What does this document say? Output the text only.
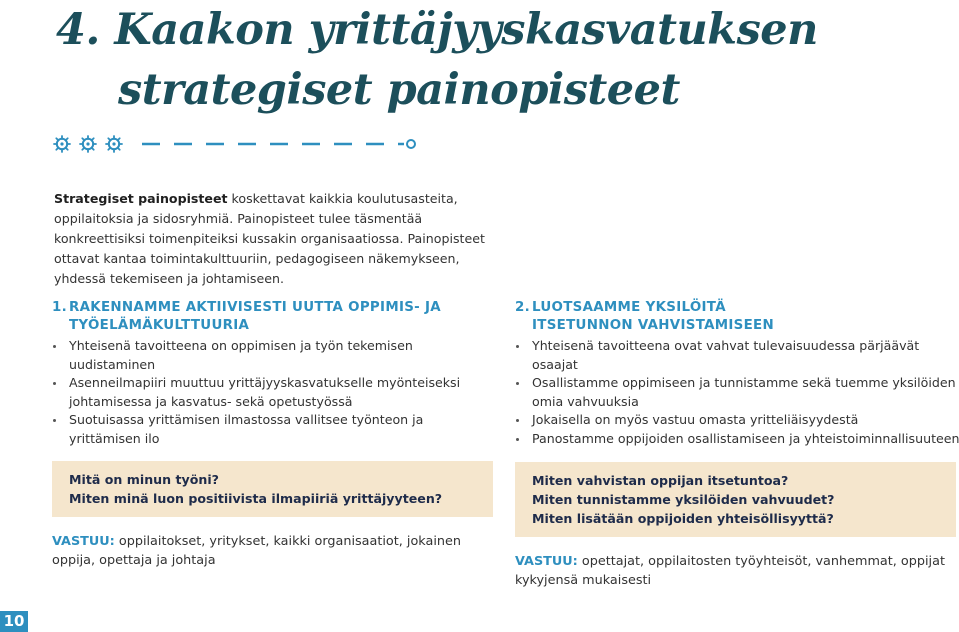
4. Kaakon yrittäjyyskasvatuksen
strategiset painopisteet
Strategiset painopisteet koskettavat kaikkia koulutusasteita, oppilaitoksia ja sidosryhmiä. Painopisteet tulee täsmentää konkreettisiksi toimenpiteiksi kussakin organisaatiossa. Painopisteet ottavat kantaa toimintakulttuuriin, pedagogiseen näkemykseen, yhdessä tekemiseen ja johtamiseen.
1. RAKENNAMME AKTIIVISESTI UUTTA OPPIMIS- JA
TYÖELÄMÄKULTTUURIA
Yhteisenä tavoitteena on oppimisen ja työn tekemisen uudistaminen
Asenneilmapiiri muuttuu yrittäjyyskasvatukselle myönteiseksi johtamisessa ja kasvatus- sekä opetustyössä
Suotuisassa yrittämisen ilmastossa vallitsee työnteon ja yrittämisen ilo
Mitä on minun työni?
Miten minä luon positiivista ilmapiiriä yrittäjyyteen?
VASTUU: oppilaitokset, yritykset, kaikki organisaatiot, jokainen oppija, opettaja ja johtaja
2. LUOTSAAMME YKSILÖITÄ
ITSETUNNON VAHVISTAMISEEN
Yhteisenä tavoitteena ovat vahvat tulevaisuudessa pärjäävät osaajat
Osallistamme oppimiseen ja tunnistamme sekä tuemme yksilöiden omia vahvuuksia
Jokaisella on myös vastuu omasta yritteliäisyydestä
Panostamme oppijoiden osallistamiseen ja yhteistoiminnallisuuteen
Miten vahvistan oppijan itsetuntoa?
Miten tunnistamme yksilöiden vahvuudet?
Miten lisätään oppijoiden yhteisöllisyyttä?
VASTUU: opettajat, oppilaitosten työyhteisöt, vanhemmat, oppijat kykyjensä mukaisesti
10
